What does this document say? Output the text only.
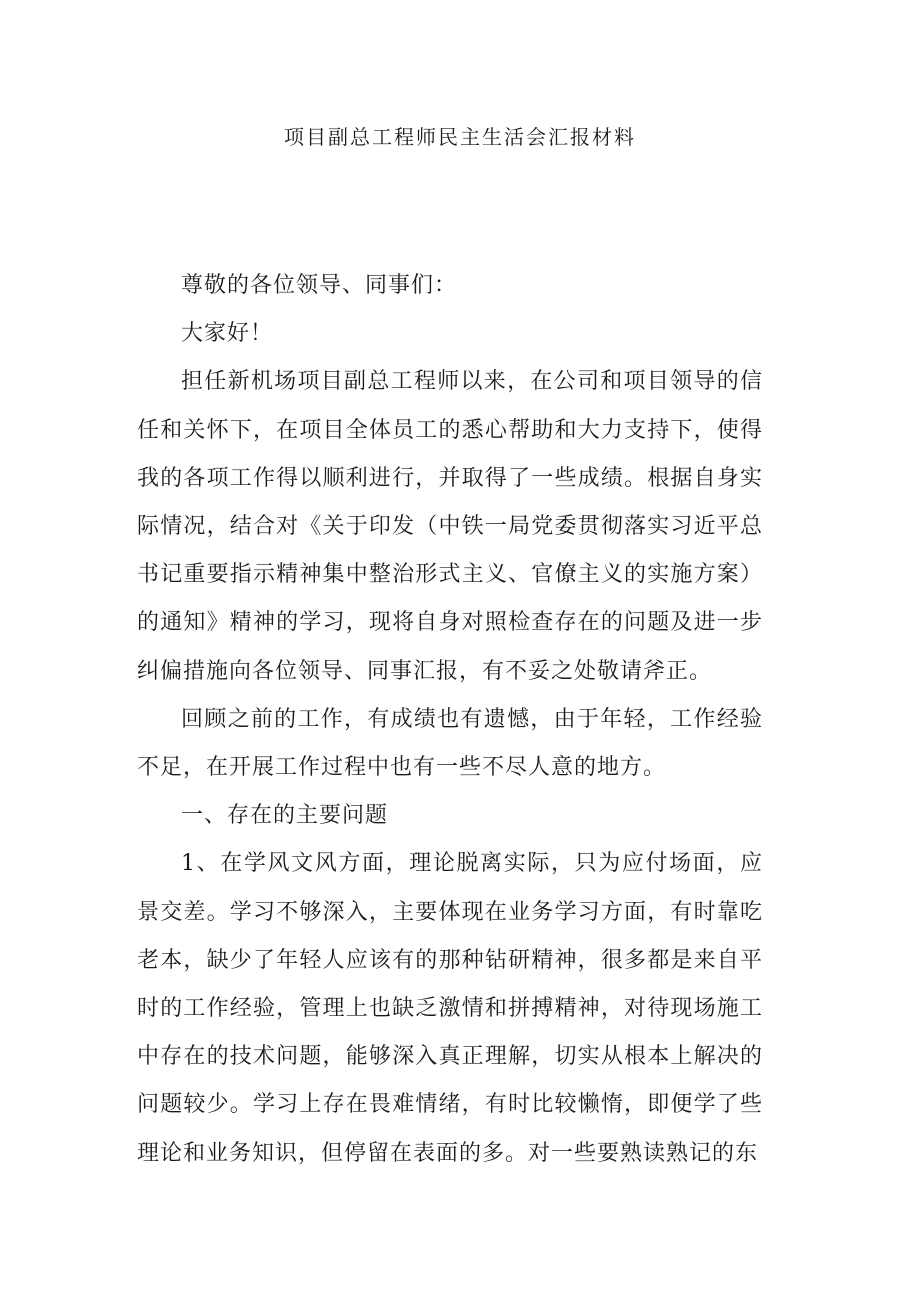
项目副总工程师民主生活会汇报材料

尊敬的各位领导、同事们：

大家好！

担任新机场项目副总工程师以来，在公司和项目领导的信任和关怀下，在项目全体员工的悉心帮助和大力支持下，使得我的各项工作得以顺利进行，并取得了一些成绩。根据自身实际情况，结合对《关于印发（中铁一局党委贯彻落实习近平总书记重要指示精神集中整治形式主义、官僚主义的实施方案）的通知》精神的学习，现将自身对照检查存在的问题及进一步纠偏措施向各位领导、同事汇报，有不妥之处敬请斧正。

回顾之前的工作，有成绩也有遗憾，由于年轻，工作经验不足，在开展工作过程中也有一些不尽人意的地方。

一、存在的主要问题

1、在学风文风方面，理论脱离实际，只为应付场面，应景交差。学习不够深入，主要体现在业务学习方面，有时靠吃老本，缺少了年轻人应该有的那种钻研精神，很多都是来自平时的工作经验，管理上也缺乏激情和拼搏精神，对待现场施工中存在的技术问题，能够深入真正理解，切实从根本上解决的问题较少。学习上存在畏难情绪，有时比较懒惰，即便学了些理论和业务知识，但停留在表面的多。对一些要熟读熟记的东
